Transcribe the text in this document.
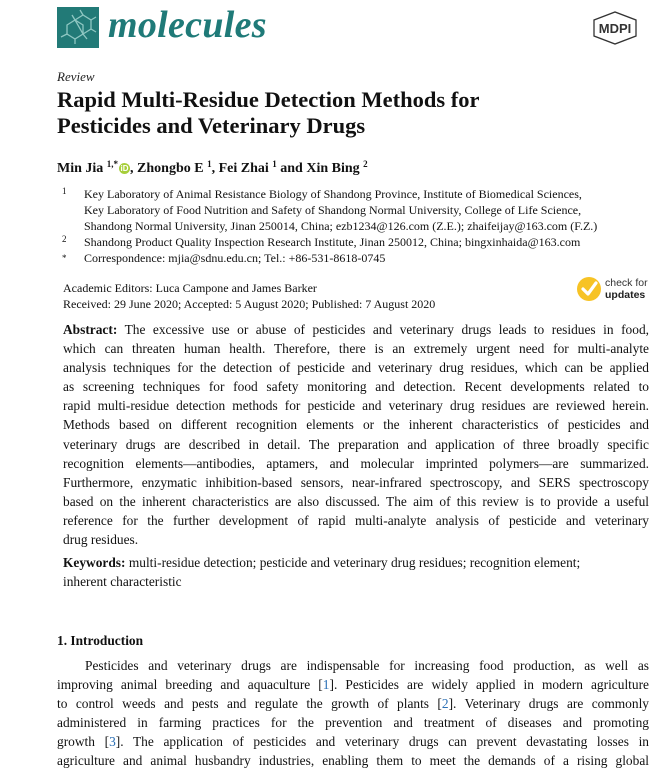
molecules	MDPI
Review
Rapid Multi-Residue Detection Methods for
Pesticides and Veterinary Drugs
Min Jia $^{1,*}$ iD , Zhongbo E $^1$, Fei Zhai $^1$ and Xin Bing $^2$
1 Key Laboratory of Animal Resistance Biology of Shandong Province, Institute of Biomedical Sciences,
Key Laboratory of Food Nutrition and Safety of Shandong Normal University, College of Life Science,
Shandong Normal University, Jinan 250014, China; ezb1234@126.com (Z.E.); zhaifeijay@163.com (F.Z.)
2 Shandong Product Quality Inspection Research Institute, Jinan 250012, China; bingxinhaida@163.com
* Correspondence: mjia@sdnu.edu.cn; Tel.: +86-531-8618-0745
Academic Editors: Luca Campone and James Barker
Received: 29 June 2020; Accepted: 5 August 2020; Published: 7 August 2020
check for
updates
Abstract: The excessive use or abuse of pesticides and veterinary drugs leads to residues in food,
which can threaten human health. Therefore, there is an extremely urgent need for multi-analyte
analysis techniques for the detection of pesticide and veterinary drug residues, which can be applied
as screening techniques for food safety monitoring and detection. Recent developments related to
rapid multi-residue detection methods for pesticide and veterinary drug residues are reviewed herein.
Methods based on different recognition elements or the inherent characteristics of pesticides and
veterinary drugs are described in detail. The preparation and application of three broadly specific
recognition elements—antibodies, aptamers, and molecular imprinted polymers—are summarized.
Furthermore, enzymatic inhibition-based sensors, near-infrared spectroscopy, and SERS spectroscopy
based on the inherent characteristics are also discussed. The aim of this review is to provide a useful
reference for the further development of rapid multi-analyte analysis of pesticide and veterinary
drug residues.
Keywords: multi-residue detection; pesticide and veterinary drug residues; recognition element;
inherent characteristic
1. Introduction
Pesticides and veterinary drugs are indispensable for increasing food production, as well as
improving animal breeding and aquaculture [1]. Pesticides are widely applied in modern agriculture
to control weeds and pests and regulate the growth of plants [2]. Veterinary drugs are commonly
administered in farming practices for the prevention and treatment of diseases and promoting
growth [3]. The application of pesticides and veterinary drugs can prevent devastating losses in
agriculture and animal husbandry industries, enabling them to meet the demands of a rising global
